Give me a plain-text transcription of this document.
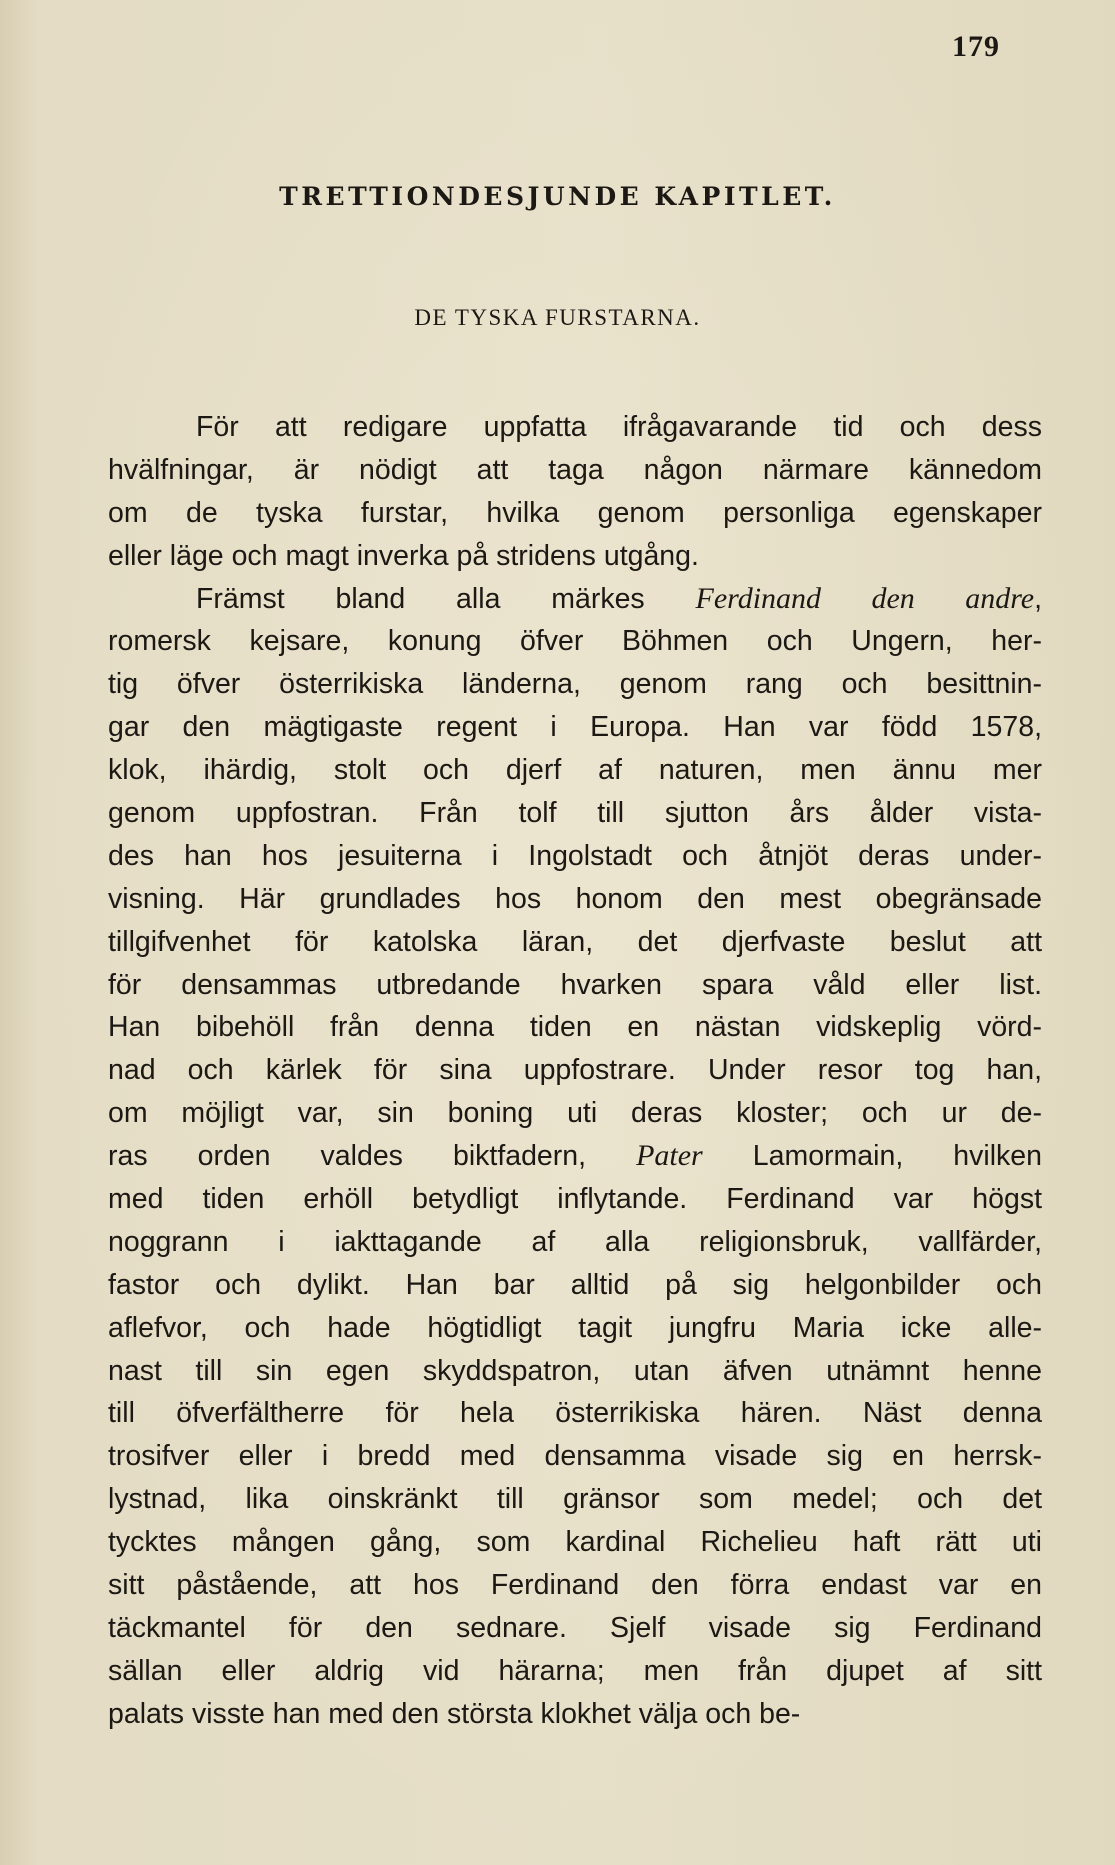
179
TRETTIONDESJUNDE KAPITLET.
DE TYSKA FURSTARNA.
För att redigare uppfatta ifrågavarande tid och dess
hvälfningar, är nödigt att taga någon närmare kännedom
om de tyska furstar, hvilka genom personliga egenskaper
eller läge och magt inverka på stridens utgång.
Främst bland alla märkes Ferdinand den andre,
romersk kejsare, konung öfver Böhmen och Ungern, her-
tig öfver österrikiska länderna, genom rang och besittnin-
gar den mägtigaste regent i Europa. Han var född 1578,
klok, ihärdig, stolt och djerf af naturen, men ännu mer
genom uppfostran. Från tolf till sjutton års ålder vista-
des han hos jesuiterna i Ingolstadt och åtnjöt deras under-
visning. Här grundlades hos honom den mest obegränsade
tillgifvenhet för katolska läran, det djerfvaste beslut att
för densammas utbredande hvarken spara våld eller list.
Han bibehöll från denna tiden en nästan vidskeplig vörd-
nad och kärlek för sina uppfostrare. Under resor tog han,
om möjligt var, sin boning uti deras kloster; och ur de-
ras orden valdes biktfadern, Pater Lamormain, hvilken
med tiden erhöll betydligt inflytande. Ferdinand var högst
noggrann i iakttagande af alla religionsbruk, vallfärder,
fastor och dylikt. Han bar alltid på sig helgonbilder och
aflefvor, och hade högtidligt tagit jungfru Maria icke alle-
nast till sin egen skyddspatron, utan äfven utnämnt henne
till öfverfältherre för hela österrikiska hären. Näst denna
trosifver eller i bredd med densamma visade sig en herrsk-
lystnad, lika oinskränkt till gränsor som medel; och det
tycktes mången gång, som kardinal Richelieu haft rätt uti
sitt påstående, att hos Ferdinand den förra endast var en
täckmantel för den sednare. Sjelf visade sig Ferdinand
sällan eller aldrig vid härarna; men från djupet af sitt
palats visste han med den största klokhet välja och be-
